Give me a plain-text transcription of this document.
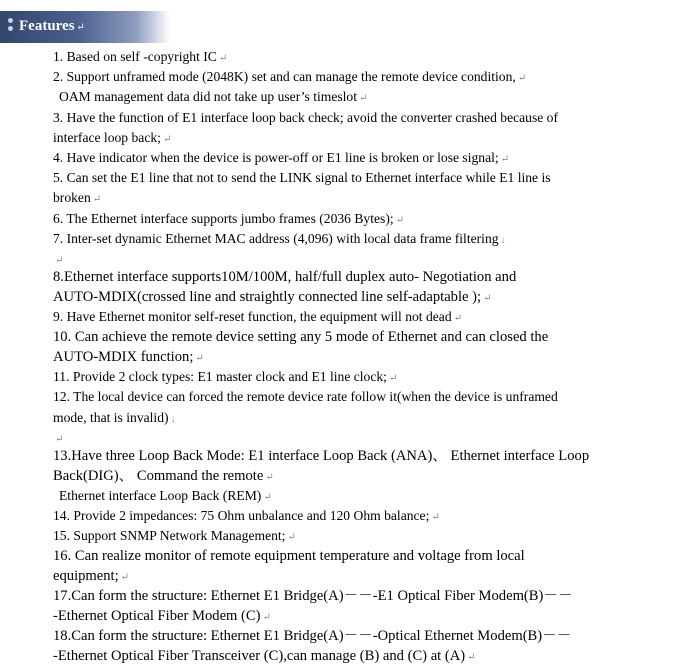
Features ↵
1. Based on self -copyright IC ↵
2. Support unframed mode (2048K) set and can manage the remote device condition, ↵
OAM management data did not take up user’s timeslot ↵
3. Have the function of E1 interface loop back check; avoid the converter crashed because of
interface loop back; ↵
4. Have indicator when the device is power-off or E1 line is broken or lose signal; ↵
5. Can set the E1 line that not to send the LINK signal to Ethernet interface while E1 line is
broken ↵
6. The Ethernet interface supports jumbo frames (2036 Bytes); ↵
7. Inter-set dynamic Ethernet MAC address (4,096) with local data frame filtering ↓
↵
8.Ethernet interface supports10M/100M, half/full duplex auto- Negotiation and
AUTO-MDIX(crossed line and straightly connected line self-adaptable ); ↵
9. Have Ethernet monitor self-reset function, the equipment will not dead ↵
10. Can achieve the remote device setting any 5 mode of Ethernet and can closed the
AUTO-MDIX function; ↵
11. Provide 2 clock types: E1 master clock and E1 line clock; ↵
12. The local device can forced the remote device rate follow it(when the device is unframed
mode, that is invalid) ↓
↵
13.Have three Loop Back Mode: E1 interface Loop Back (ANA)、 Ethernet interface Loop
Back(DIG)、 Command the remote ↵
Ethernet interface Loop Back (REM) ↵
14. Provide 2 impedances: 75 Ohm unbalance and 120 Ohm balance; ↵
15. Support SNMP Network Management; ↵
16. Can realize monitor of remote equipment temperature and voltage from local
equipment; ↵
17.Can form the structure: Ethernet E1 Bridge(A)－－-E1 Optical Fiber Modem(B)－－
-Ethernet Optical Fiber Modem (C) ↵
18.Can form the structure: Ethernet E1 Bridge(A)－－-Optical Ethernet Modem(B)－－
-Ethernet Optical Fiber Transceiver (C),can manage (B) and (C) at (A) ↵
